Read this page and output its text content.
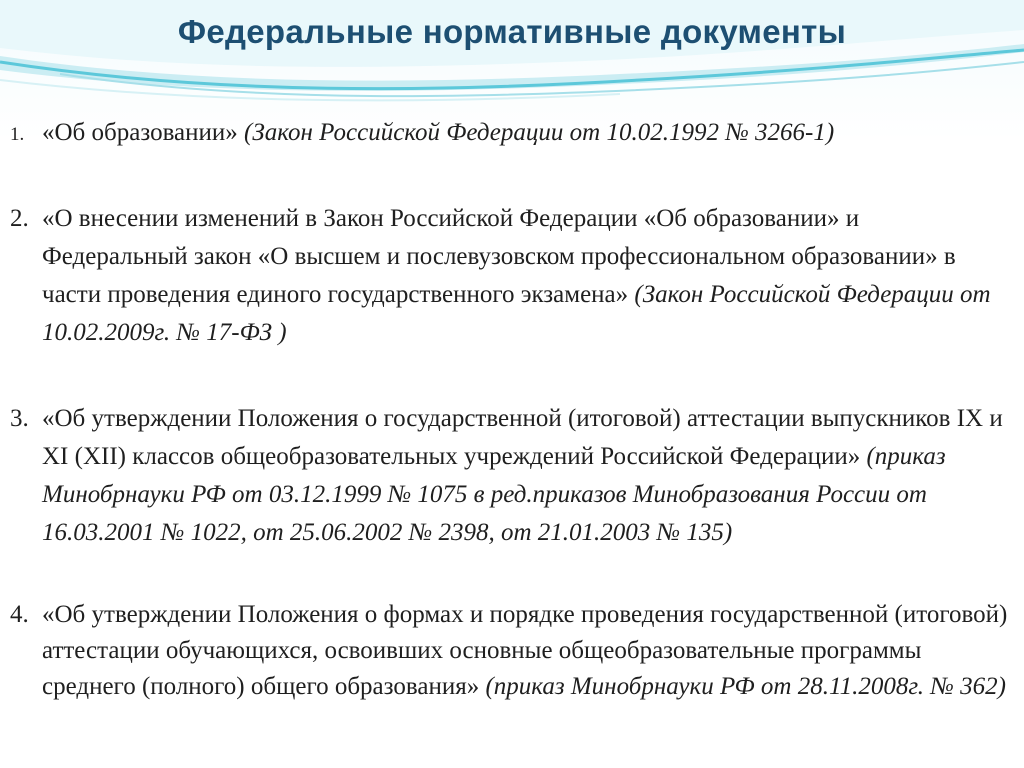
Федеральные нормативные документы
1. «Об образовании» (Закон Российской Федерации от 10.02.1992 № 3266-1)
2. «О внесении изменений в Закон Российской Федерации «Об образовании» и Федеральный закон «О высшем и послевузовском профессиональном образовании» в части проведения единого государственного экзамена» (Закон Российской Федерации от 10.02.2009г. № 17-ФЗ )
3. «Об утверждении Положения о государственной (итоговой) аттестации выпускников IX и XI (XII) классов общеобразовательных учреждений Российской Федерации» (приказ Минобрнауки РФ от 03.12.1999 № 1075 в ред.приказов Минобразования России от 16.03.2001 № 1022, от 25.06.2002 № 2398, от 21.01.2003 № 135)
4. «Об утверждении Положения о формах и порядке проведения государственной (итоговой) аттестации обучающихся, освоивших основные общеобразовательные программы среднего (полного) общего образования» (приказ Минобрнауки РФ от 28.11.2008г. № 362)
